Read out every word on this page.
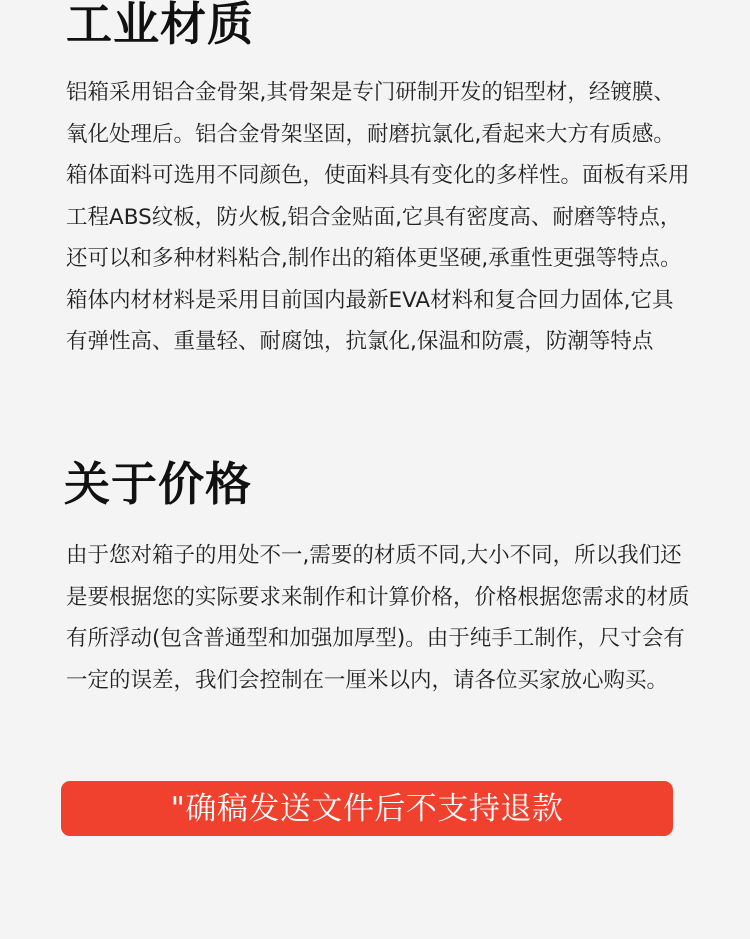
工业材质

铝箱采用铝合金骨架,其骨架是专门研制开发的铝型材，经镀膜、氧化处理后。铝合金骨架坚固，耐磨抗氯化,看起来大方有质感。箱体面料可选用不同颜色，使面料具有变化的多样性。面板有采用工程ABS纹板，防火板,铝合金贴面,它具有密度高、耐磨等特点，还可以和多种材料粘合,制作出的箱体更坚硬,承重性更强等特点。箱体内材材料是采用目前国内最新EVA材料和复合回力固体,它具有弹性高、重量轻、耐腐蚀，抗氯化,保温和防震，防潮等特点

关于价格

由于您对箱子的用处不一,需要的材质不同,大小不同，所以我们还是要根据您的实际要求来制作和计算价格，价格根据您需求的材质有所浮动(包含普通型和加强加厚型)。由于纯手工制作，尺寸会有一定的误差，我们会控制在一厘米以内，请各位买家放心购买。

"确稿发送文件后不支持退款
